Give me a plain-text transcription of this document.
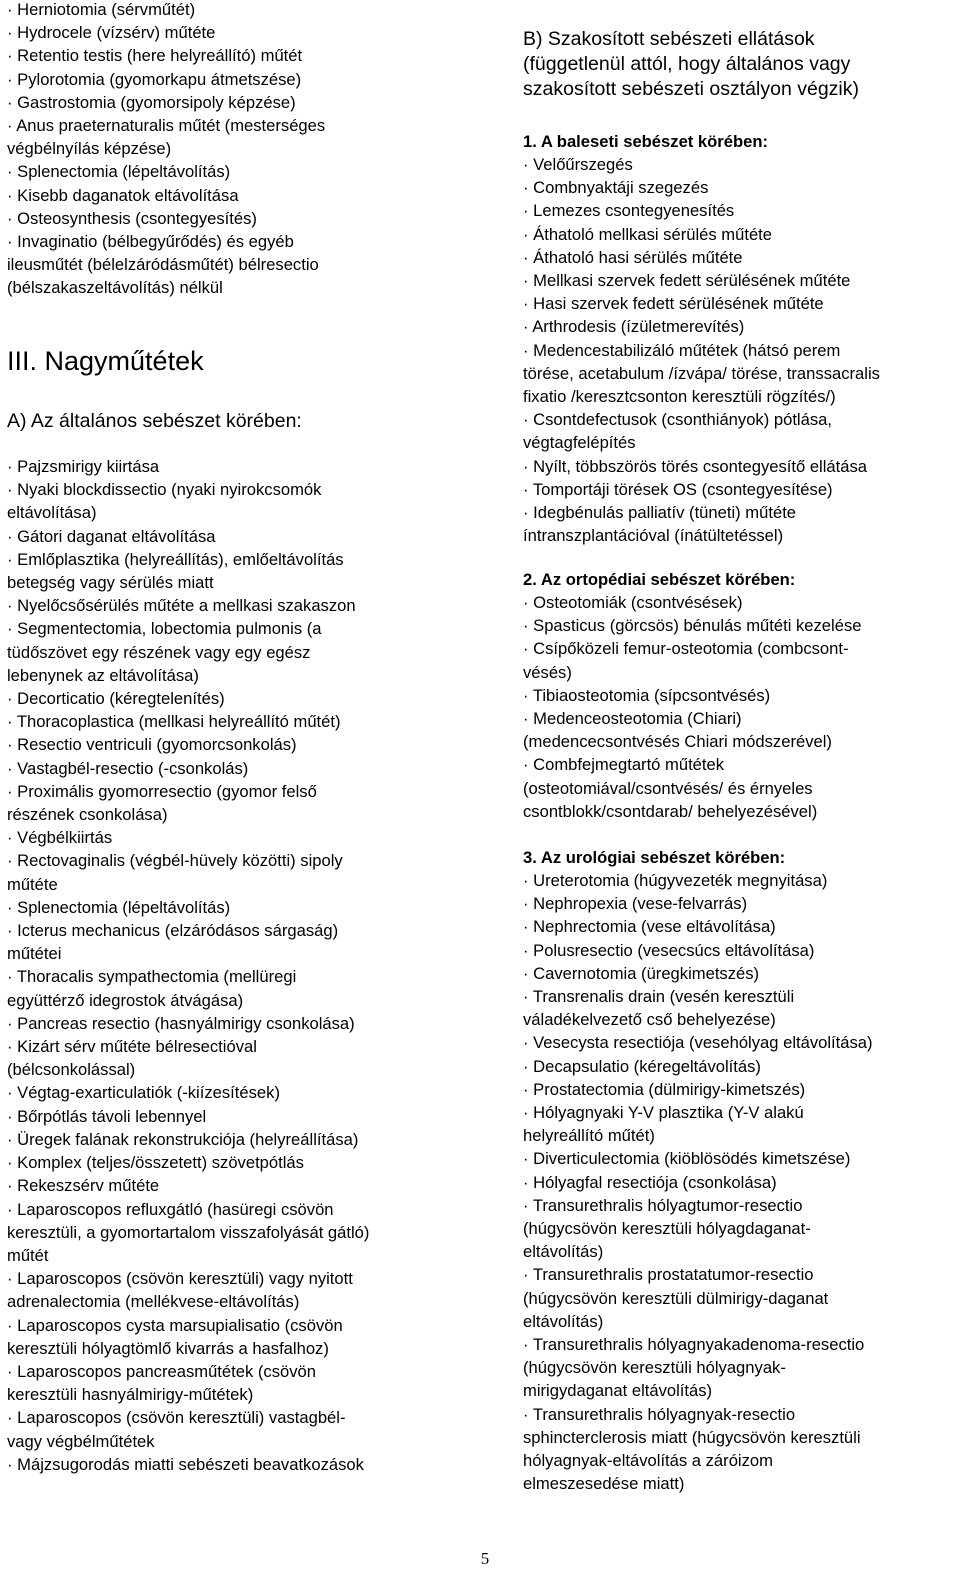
· Herniotomia (sérvműtét)
· Hydrocele (vízsérv) műtéte
· Retentio testis (here helyreállító) műtét
· Pylorotomia (gyomorkapu átmetszése)
· Gastrostomia (gyomorsipoly képzése)
· Anus praeternaturalis műtét (mesterséges
végbélnyílás képzése)
· Splenectomia (lépeltávolítás)
· Kisebb daganatok eltávolítása
· Osteosynthesis (csontegyesítés)
· Invaginatio (bélbegyűrődés) és egyéb
ileusműtét (bélelzáródásműtét) bélresectio
(bélszakaszeltávolítás) nélkül
III. Nagyműtétek
A) Az általános sebészet körében:
· Pajzsmirigy kiirtása
· Nyaki blockdissectio (nyaki nyirokcsomók
eltávolítása)
· Gátori daganat eltávolítása
· Emlőplasztika (helyreállítás), emlőeltávolítás
betegség vagy sérülés miatt
· Nyelőcsősérülés műtéte a mellkasi szakaszon
· Segmentectomia, lobectomia pulmonis (a
tüdőszövet egy részének vagy egy egész
lebenynek az eltávolítása)
· Decorticatio (kéregtelenítés)
· Thoracoplastica (mellkasi helyreállító műtét)
· Resectio ventriculi (gyomorcsonkolás)
· Vastagbél-resectio (-csonkolás)
· Proximális gyomorresectio (gyomor felső
részének csonkolása)
· Végbélkiirtás
· Rectovaginalis (végbél-hüvely közötti) sipoly
műtéte
· Splenectomia (lépeltávolítás)
· Icterus mechanicus (elzáródásos sárgaság)
műtétei
· Thoracalis sympathectomia (mellüregi
együttérző idegrostok átvágása)
· Pancreas resectio (hasnyálmirigy csonkolása)
· Kizárt sérv műtéte bélresectióval
(bélcsonkolással)
· Végtag-exarticulatiók (-kiízesítések)
· Bőrpótlás távoli lebennyel
· Üregek falának rekonstrukciója (helyreállítása)
· Komplex (teljes/összetett) szövetpótlás
· Rekeszsérv műtéte
· Laparoscopos refluxgátló (hasüregi csövön
keresztüli, a gyomortartalom visszafolyását gátló)
műtét
· Laparoscopos (csövön keresztüli) vagy nyitott
adrenalectomia (mellékvese-eltávolítás)
· Laparoscopos cysta marsupialisatio (csövön
keresztüli hólyagtömlő kivarrás a hasfalhoz)
· Laparoscopos pancreasműtétek (csövön
keresztüli hasnyálmirigy-műtétek)
· Laparoscopos (csövön keresztüli) vastagbél-
vagy végbélműtétek
· Májzsugorodás miatti sebészeti beavatkozások
B) Szakosított sebészeti ellátások
(függetlenül attól, hogy általános vagy
szakosított sebészeti osztályon végzik)
1. A baleseti sebészet körében:
· Velőűrszegés
· Combnyaktáji szegezés
· Lemezes csontegyenesítés
· Áthatoló mellkasi sérülés műtéte
· Áthatoló hasi sérülés műtéte
· Mellkasi szervek fedett sérülésének műtéte
· Hasi szervek fedett sérülésének műtéte
· Arthrodesis (ízületmerevítés)
· Medencestabilizáló műtétek (hátsó perem
törése, acetabulum /ízvápa/ törése, transsacralis
fixatio /keresztcsonton keresztüli rögzítés/)
· Csontdefectusok (csonthiányok) pótlása,
végtagfelépítés
· Nyílt, többszörös törés csontegyesítő ellátása
· Tomportáji törések OS (csontegyesítése)
· Idegbénulás palliatív (tüneti) műtéte
íntranszplantációval (ínátültetéssel)
2. Az ortopédiai sebészet körében:
· Osteotomiák (csontvésések)
· Spasticus (görcsös) bénulás műtéti kezelése
· Csípőközeli femur-osteotomia (combcsont-
vésés)
· Tibiaosteotomia (sípcsontvésés)
· Medenceosteotomia (Chiari)
(medencecsontvésés Chiari módszerével)
· Combfejmegtartó műtétek
(osteotomiával/csontvésés/ és érnyeles
csontblokk/csontdarab/ behelyezésével)
3. Az urológiai sebészet körében:
· Ureterotomia (húgyvezeték megnyitása)
· Nephropexia (vese-felvarrás)
· Nephrectomia (vese eltávolítása)
· Polusresectio (vesecsúcs eltávolítása)
· Cavernotomia (üregkimetszés)
· Transrenalis drain (vesén keresztüli
váladékelvezető cső behelyezése)
· Vesecysta resectiója (vesehólyag eltávolítása)
· Decapsulatio (kéregeltávolítás)
· Prostatectomia (dülmirigy-kimetszés)
· Hólyagnyaki Y-V plasztika (Y-V alakú
helyreállító műtét)
· Diverticulectomia (kiöblösödés kimetszése)
· Hólyagfal resectiója (csonkolása)
· Transurethralis hólyagtumor-resectio
(húgycsövön keresztüli hólyagdaganat-
eltávolítás)
· Transurethralis prostatatumor-resectio
(húgycsövön keresztüli dülmirigy-daganat
eltávolítás)
· Transurethralis hólyagnyakadenoma-resectio
(húgycsövön keresztüli hólyagnyak-
mirigydaganat eltávolítás)
· Transurethralis hólyagnyak-resectio
sphincterclerosis miatt (húgycsövön keresztüli
hólyagnyak-eltávolítás a záróizom
elmeszesedése miatt)
5
